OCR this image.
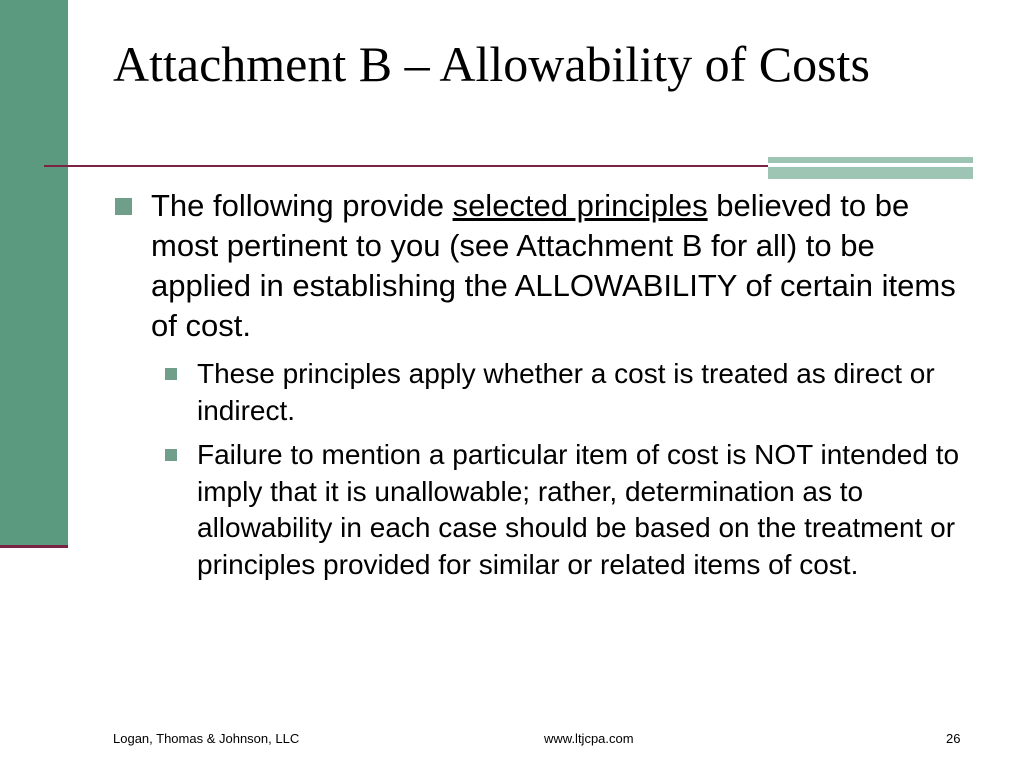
Attachment B – Allowability of Costs
The following provide selected principles believed to be most pertinent to you (see Attachment B for all) to be applied in establishing the ALLOWABILITY of certain items of cost.
These principles apply whether a cost is treated as direct or indirect.
Failure to mention a particular item of cost is NOT intended to imply that it is unallowable; rather, determination as to allowability in each case should be based on the treatment or principles provided for similar or related items of cost.
Logan, Thomas & Johnson, LLC	www.ltjcpa.com	26
